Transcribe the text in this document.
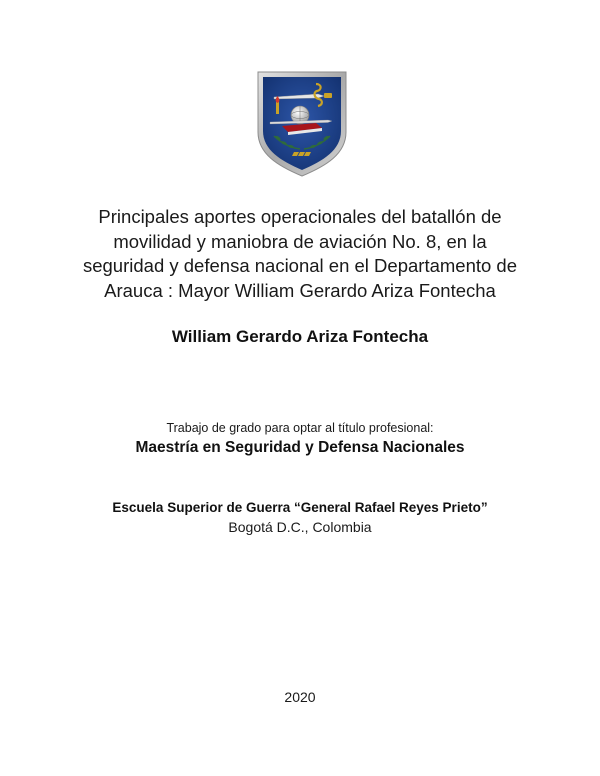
Principales aportes operacionales del batallón de
movilidad y maniobra de aviación No. 8, en la
seguridad y defensa nacional en el Departamento de
Arauca : Mayor William Gerardo Ariza Fontecha
William Gerardo Ariza Fontecha
Trabajo de grado para optar al título profesional:
Maestría en Seguridad y Defensa Nacionales
Escuela Superior de Guerra “General Rafael Reyes Prieto”
Bogotá D.C., Colombia
2020
